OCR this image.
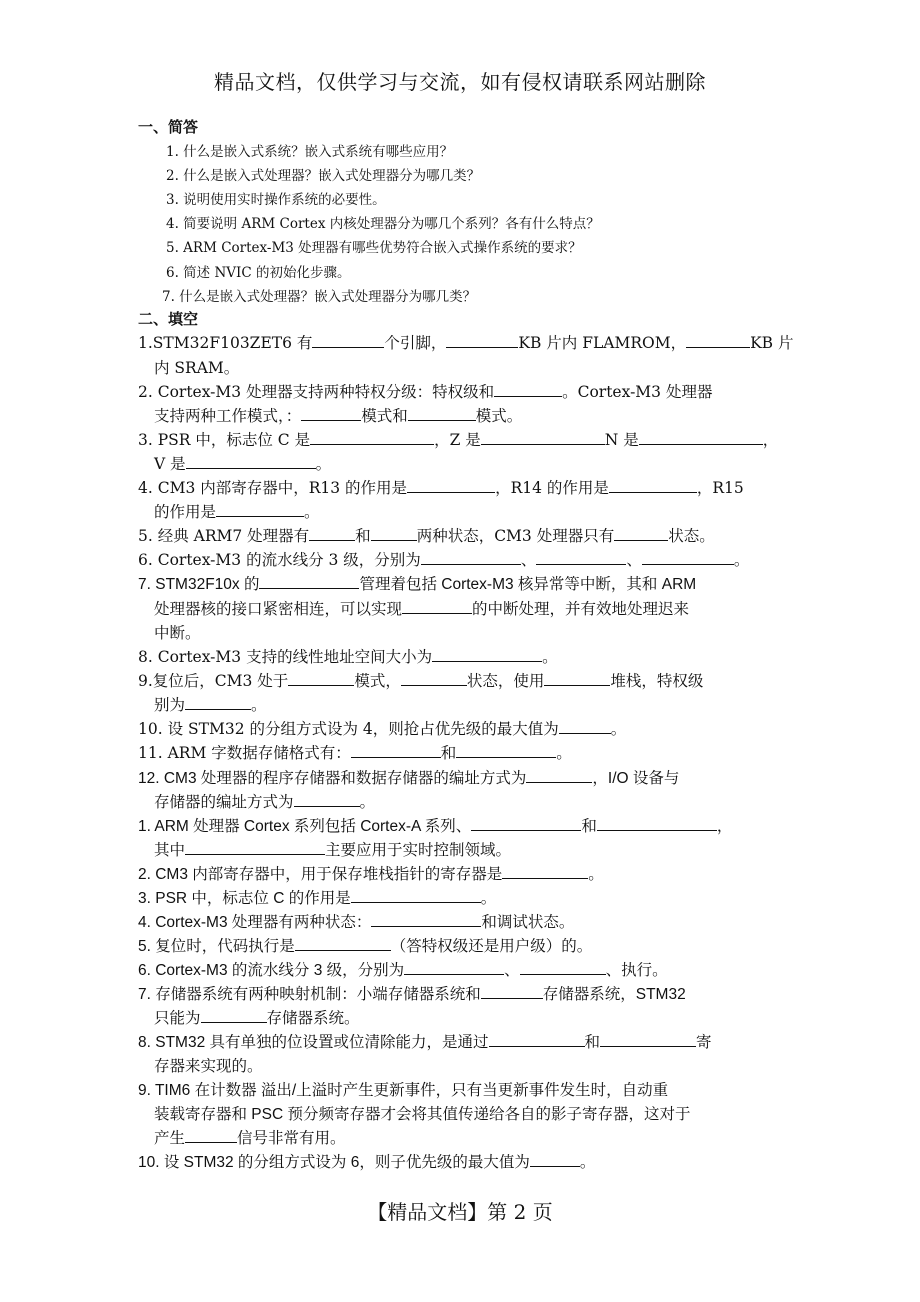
精品文档，仅供学习与交流，如有侵权请联系网站删除
一、简答
1. 什么是嵌入式系统？嵌入式系统有哪些应用？
2. 什么是嵌入式处理器？嵌入式处理器分为哪几类？
3. 说明使用实时操作系统的必要性。
4. 简要说明 ARM Cortex 内核处理器分为哪几个系列？各有什么特点？
5. ARM Cortex-M3 处理器有哪些优势符合嵌入式操作系统的要求？
6. 简述 NVIC 的初始化步骤。
7. 什么是嵌入式处理器？嵌入式处理器分为哪几类？
二、填空
1.STM32F103ZET6 有	个引脚，	KB 片内 FLAMROM，	KB 片
内 SRAM。
2. Cortex-M3 处理器支持两种特权分级：特权级和	。Cortex-M3 处理器
支持两种工作模式，：	模式和	模式。
3. PSR 中，标志位 C 是	，Z 是	N 是	，
V 是	。
4. CM3 内部寄存器中，R13 的作用是	，R14 的作用是	，R15
的作用是	。
5. 经典 ARM7 处理器有	和	两种状态，CM3 处理器只有	状态。
6. Cortex-M3 的流水线分 3 级，分别为	、	、	。
7. STM32F10x 的	管理着包括 Cortex-M3 核异常等中断，其和 ARM
处理器核的接口紧密相连，可以实现	的中断处理，并有效地处理迟来
中断。
8. Cortex-M3 支持的线性地址空间大小为	。
9.复位后，CM3 处于	模式，	状态，使用	堆栈，特权级
别为	。
10. 设 STM32 的分组方式设为 4，则抢占优先级的最大值为	。
11. ARM 字数据存储格式有：	和	。
12. CM3 处理器的程序存储器和数据存储器的编址方式为	，I/O 设备与
存储器的编址方式为	。
1. ARM 处理器 Cortex 系列包括 Cortex-A 系列、	和	，
其中	主要应用于实时控制领域。
2. CM3 内部寄存器中，用于保存堆栈指针的寄存器是	。
3. PSR 中，标志位 C 的作用是	。
4. Cortex-M3 处理器有两种状态：	和调试状态。
5. 复位时，代码执行是	（答特权级还是用户级）的。
6. Cortex-M3 的流水线分 3 级，分别为	、	、执行。
7. 存储器系统有两种映射机制：小端存储器系统和	存储器系统，STM32
只能为	存储器系统。
8. STM32 具有单独的位设置或位清除能力，是通过	和	寄
存器来实现的。
9. TIM6 在计数器 溢出/上溢时产生更新事件，只有当更新事件发生时，自动重
装载寄存器和 PSC 预分频寄存器才会将其值传递给各自的影子寄存器，这对于
产生	信号非常有用。
10. 设 STM32 的分组方式设为 6，则子优先级的最大值为	。
【精品文档】第 2 页
